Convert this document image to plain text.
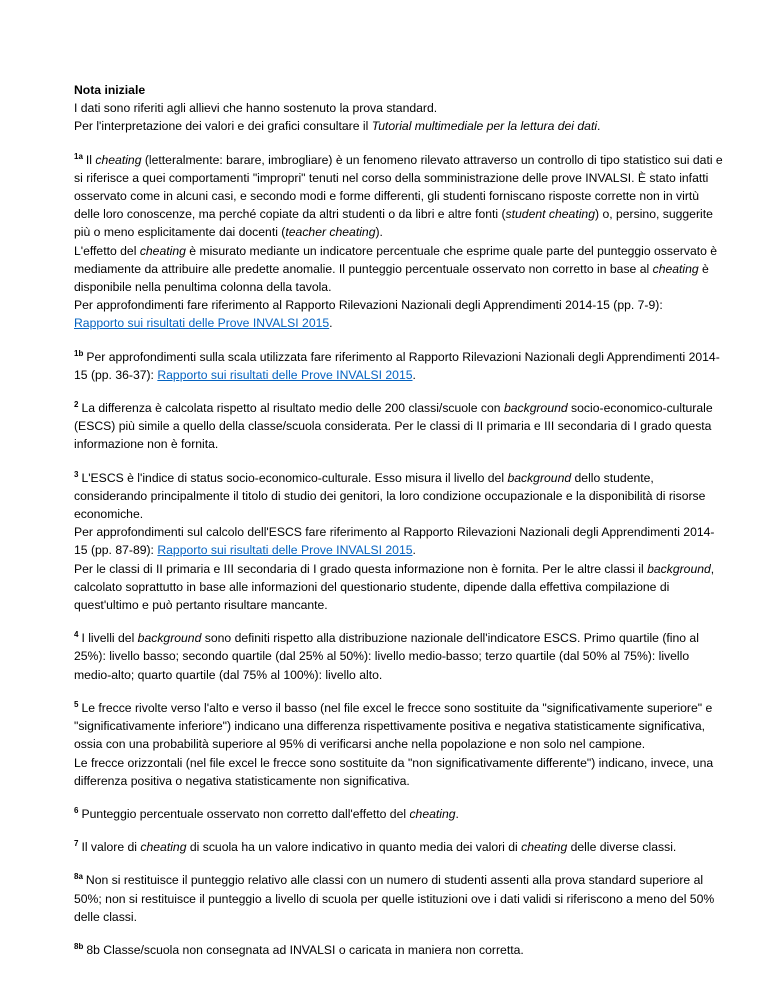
Nota iniziale

I dati sono riferiti agli allievi che hanno sostenuto la prova standard.

Per l'interpretazione dei valori e dei grafici consultare il Tutorial multimediale per la lettura dei dati.

$^{1a}$ Il cheating (letteralmente: barare, imbrogliare) è un fenomeno rilevato attraverso un controllo di tipo statistico sui dati e si riferisce a quei comportamenti "impropri" tenuti nel corso della somministrazione delle prove INVALSI. È stato infatti osservato come in alcuni casi, e secondo modi e forme differenti, gli studenti forniscano risposte corrette non in virtù delle loro conoscenze, ma perché copiate da altri studenti o da libri e altre fonti (student cheating) o, persino, suggerite più o meno esplicitamente dai docenti (teacher cheating).

L'effetto del cheating è misurato mediante un indicatore percentuale che esprime quale parte del punteggio osservato è mediamente da attribuire alle predette anomalie. Il punteggio percentuale osservato non corretto in base al cheating è disponibile nella penultima colonna della tavola.

Per approfondimenti fare riferimento al Rapporto Rilevazioni Nazionali degli Apprendimenti 2014-15 (pp. 7-9):

Rapporto sui risultati delle Prove INVALSI 2015.

$^{1b}$ Per approfondimenti sulla scala utilizzata fare riferimento al Rapporto Rilevazioni Nazionali degli Apprendimenti 2014-15 (pp. 36-37): Rapporto sui risultati delle Prove INVALSI 2015.

$^2$ La differenza è calcolata rispetto al risultato medio delle 200 classi/scuole con background socio-economico-culturale (ESCS) più simile a quello della classe/scuola considerata. Per le classi di II primaria e III secondaria di I grado questa informazione non è fornita.

$^3$ L'ESCS è l'indice di status socio-economico-culturale. Esso misura il livello del background dello studente, considerando principalmente il titolo di studio dei genitori, la loro condizione occupazionale e la disponibilità di risorse economiche.

Per approfondimenti sul calcolo dell'ESCS fare riferimento al Rapporto Rilevazioni Nazionali degli Apprendimenti 2014-15 (pp. 87-89): Rapporto sui risultati delle Prove INVALSI 2015.

Per le classi di II primaria e III secondaria di I grado questa informazione non è fornita. Per le altre classi il background, calcolato soprattutto in base alle informazioni del questionario studente, dipende dalla effettiva compilazione di quest'ultimo e può pertanto risultare mancante.

$^4$ I livelli del background sono definiti rispetto alla distribuzione nazionale dell'indicatore ESCS. Primo quartile (fino al 25%): livello basso; secondo quartile (dal 25% al 50%): livello medio-basso; terzo quartile (dal 50% al 75%): livello medio-alto; quarto quartile (dal 75% al 100%): livello alto.

$^5$ Le frecce rivolte verso l'alto e verso il basso (nel file excel le frecce sono sostituite da "significativamente superiore" e "significativamente inferiore") indicano una differenza rispettivamente positiva e negativa statisticamente significativa, ossia con una probabilità superiore al 95% di verificarsi anche nella popolazione e non solo nel campione.

Le frecce orizzontali (nel file excel le frecce sono sostituite da "non significativamente differente") indicano, invece, una differenza positiva o negativa statisticamente non significativa.

$^6$ Punteggio percentuale osservato non corretto dall'effetto del cheating.

$^7$ Il valore di cheating di scuola ha un valore indicativo in quanto media dei valori di cheating delle diverse classi.

$^{8a}$ Non si restituisce il punteggio relativo alle classi con un numero di studenti assenti alla prova standard superiore al 50%; non si restituisce il punteggio a livello di scuola per quelle istituzioni ove i dati validi si riferiscono a meno del 50% delle classi.

$^{8b}$ 8b Classe/scuola non consegnata ad INVALSI o caricata in maniera non corretta.
